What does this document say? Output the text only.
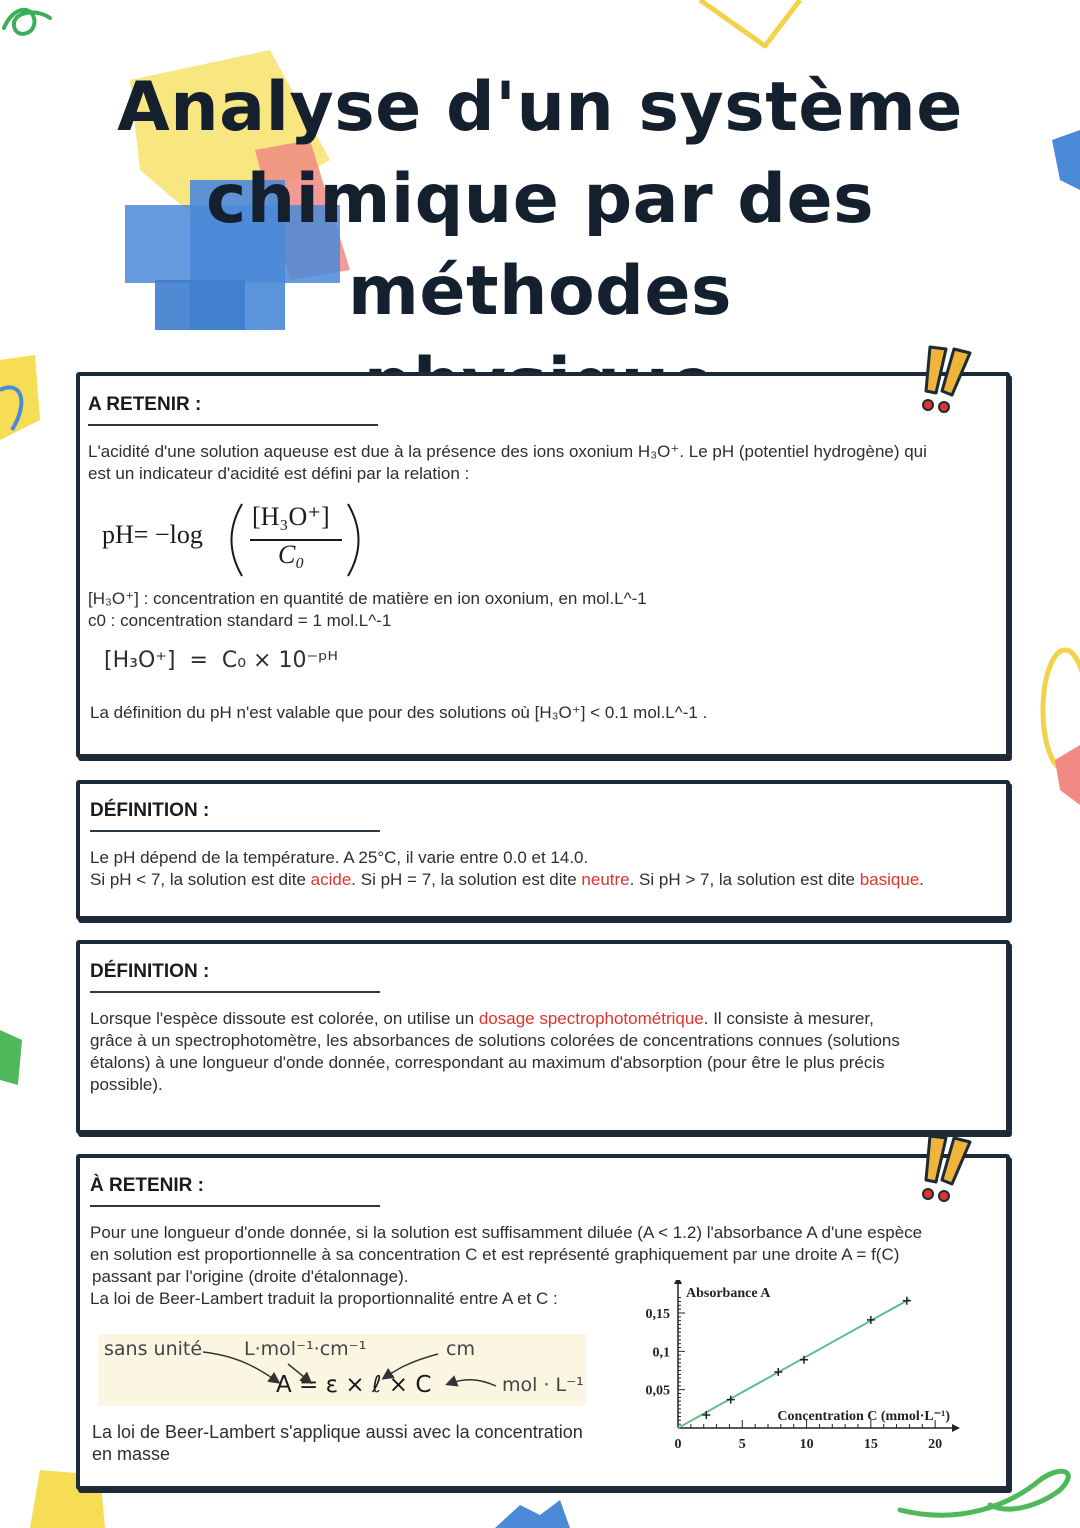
Analyse d'un système
chimique par des méthodes
A RETENIR :
L'acidité d'une solution aqueuse est due à la présence des ions oxonium H₃O⁺. Le pH (potentiel hydrogène) qui
est un indicateur d'acidité est défini par la relation :
pH= −log
[H₃O⁺]
C₀
[H₃O⁺] : concentration en quantité de matière en ion oxonium, en mol.L^-1
c0 : concentration standard = 1 mol.L^-1
[H₃O⁺]  =  C₀ × 10⁻ᵖᴴ
La définition du pH n'est valable que pour des solutions où [H₃O⁺] < 0.1 mol.L^-1 .
DÉFINITION :
Le pH dépend de la température. A 25°C, il varie entre 0.0 et 14.0.
Si pH < 7, la solution est dite acide. Si pH = 7, la solution est dite neutre. Si pH > 7, la solution est dite basique.
DÉFINITION :
Lorsque l'espèce dissoute est colorée, on utilise un dosage spectrophotométrique. Il consiste à mesurer,
grâce à un spectrophotomètre, les absorbances de solutions colorées de concentrations connues (solutions
étalons) à une longueur d'onde donnée, correspondant au maximum d'absorption (pour être le plus précis
possible).
À RETENIR :
Pour une longueur d'onde donnée, si la solution est suffisamment diluée (A < 1.2) l'absorbance A d'une espèce
en solution est proportionnelle à sa concentration C et est représenté graphiquement par une droite A = f(C)
passant par l'origine (droite d'étalonnage).
La loi de Beer-Lambert traduit la proportionnalité entre A et C :
sans unité L·mol⁻¹·cm⁻¹	cm
A = ε × ℓ × C	mol · L⁻¹
La loi de Beer-Lambert s'applique aussi avec la concentration
en masse	0	5	10	15	20
0,05
0,1
0,15
Absorbance A
Concentration C (mmol·L⁻¹)
